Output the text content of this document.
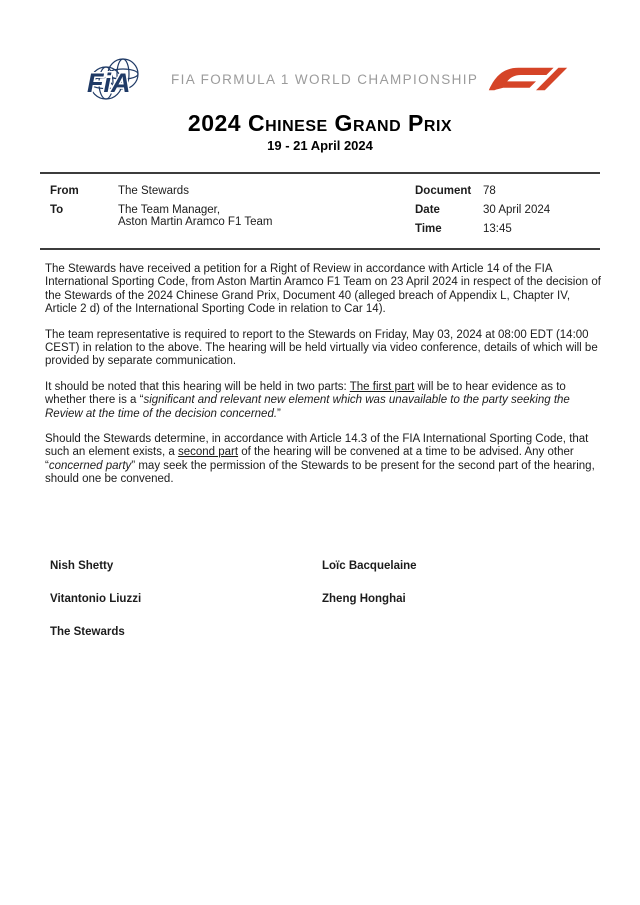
FiA	FIA FORMULA 1 WORLD CHAMPIONSHIP
2024 Chinese Grand Prix
19 - 21 April 2024
From	The Stewards
To	The Team Manager,
Aston Martin Aramco F1 Team
Document	78
Date	30 April 2024
Time	13:45

The Stewards have received a petition for a Right of Review in accordance with Article 14 of the FIA International Sporting Code, from Aston Martin Aramco F1 Team on 23 April 2024 in respect of the decision of the Stewards of the 2024 Chinese Grand Prix, Document 40 (alleged breach of Appendix L, Chapter IV, Article 2 d) of the International Sporting Code in relation to Car 14).

The team representative is required to report to the Stewards on Friday, May 03, 2024 at 08:00 EDT (14:00 CEST) in relation to the above. The hearing will be held virtually via video conference, details of which will be provided by separate communication.

It should be noted that this hearing will be held in two parts: The first part will be to hear evidence as to whether there is a “significant and relevant new element which was unavailable to the party seeking the Review at the time of the decision concerned.”

Should the Stewards determine, in accordance with Article 14.3 of the FIA International Sporting Code, that such an element exists, a second part of the hearing will be convened at a time to be advised. Any other “concerned party” may seek the permission of the Stewards to be present for the second part of the hearing, should one be convened.

Nish Shetty	Loïc Bacquelaine
Vitantonio Liuzzi	Zheng Honghai
The Stewards
